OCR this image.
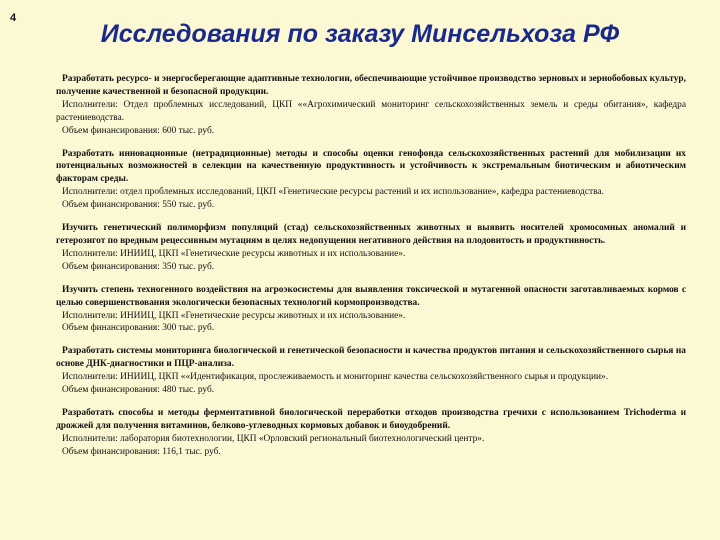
4
Исследования по заказу Минсельхоза РФ

Разработать ресурсо- и энергосберегающие адаптивные технологии, обеспечивающие устойчивое производство зерновых и зернобобовых культур, получение качественной и безопасной продукции.

Исполнители: Отдел проблемных исследований, ЦКП ««Агрохимический мониторинг сельскохозяйственных земель и среды обитания», кафедра растениеводства.

Объем финансирования: 600 тыс. руб.

Разработать инновационные (нетрадиционные) методы и способы оценки генофонда сельскохозяйственных растений для мобилизации их потенциальных возможностей в селекции на качественную продуктивность и устойчивость к экстремальным биотическим и абиотическим факторам среды.

Исполнители: отдел проблемных исследований, ЦКП «Генетические ресурсы растений и их использование», кафедра растениеводства.

Объем финансирования: 550 тыс. руб.

Изучить генетический полиморфизм популяций (стад) сельскохозяйственных животных и выявить носителей хромосомных аномалий и гетерозигот по вредным рецессивным мутациям в целях недопущения негативного действия на плодовитость и продуктивность.

Исполнители: ИНИИЦ, ЦКП «Генетические ресурсы животных и их использование».

Объем финансирования: 350 тыс. руб.

Изучить степень техногенного воздействия на агроэкосистемы для выявления токсической и мутагенной опасности заготавливаемых кормов с целью совершенствования экологически безопасных технологий кормопроизводства.

Исполнители: ИНИИЦ, ЦКП «Генетические ресурсы животных и их использование».

Объем финансирования: 300 тыс. руб.

Разработать системы мониторинга биологической и генетической безопасности и качества продуктов питания и сельскохозяйственного сырья на основе ДНК-диагностики и ПЦР-анализа.

Исполнители: ИНИИЦ, ЦКП ««Идентификация, прослеживаемость и мониторинг качества сельскохозяйственного сырья и продукции».

Объем финансирования: 480 тыс. руб.

Разработать способы и методы ферментативной биологической переработки отходов производства гречихи с использованием Trichoderma и дрожжей для получения витаминов, белково-углеводных кормовых добавок и биоудобрений.

Исполнители: лаборатория биотехнологии, ЦКП «Орловский региональный биотехнологический центр».

Объем финансирования: 116,1 тыс. руб.
